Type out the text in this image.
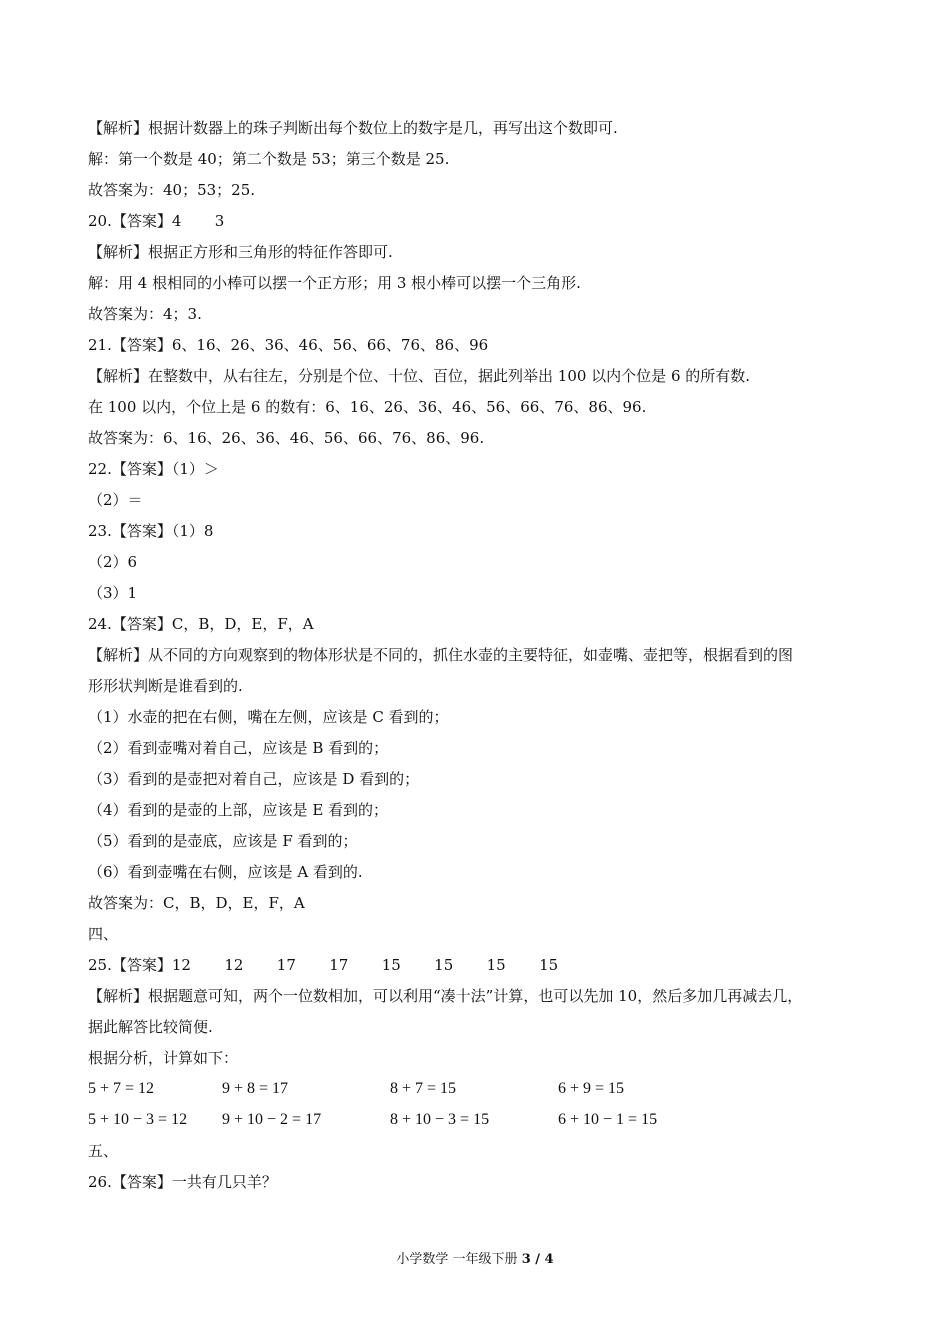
【解析】根据计数器上的珠子判断出每个数位上的数字是几，再写出这个数即可.
解：第一个数是 40；第二个数是 53；第三个数是 25.
故答案为：40；53；25.
20.【答案】4       3
【解析】根据正方形和三角形的特征作答即可.
解：用 4 根相同的小棒可以摆一个正方形；用 3 根小棒可以摆一个三角形.
故答案为：4；3.
21.【答案】6、16、26、36、46、56、66、76、86、96
【解析】在整数中，从右往左，分别是个位、十位、百位，据此列举出 100 以内个位是 6 的所有数.
在 100 以内，个位上是 6 的数有：6、16、26、36、46、56、66、76、86、96.
故答案为：6、16、26、36、46、56、66、76、86、96.
22.【答案】（1）＞
（2）＝
23.【答案】（1）8
（2）6
（3）1
24.【答案】C，B，D，E，F，A
【解析】从不同的方向观察到的物体形状是不同的，抓住水壶的主要特征，如壶嘴、壶把等，根据看到的图
形形状判断是谁看到的.
（1）水壶的把在右侧，嘴在左侧，应该是 C 看到的；
（2）看到壶嘴对着自己，应该是 B 看到的；
（3）看到的是壶把对着自己，应该是 D 看到的；
（4）看到的是壶的上部，应该是 E 看到的；
（5）看到的是壶底，应该是 F 看到的；
（6）看到壶嘴在右侧，应该是 A 看到的.
故答案为：C，B，D，E，F，A
四、
25.【答案】12       12       17       17       15       15       15       15
【解析】根据题意可知，两个一位数相加，可以利用“凑十法”计算，也可以先加 10，然后多加几再减去几，
据此解答比较简便.
根据分析，计算如下：
5 + 7 = 12	9 + 8 = 17	8 + 7 = 15	6 + 9 = 15
5 + 10 − 3 = 12 9 + 10 − 2 = 17	8 + 10 − 3 = 15	6 + 10 − 1 = 15
五、
26.【答案】一共有几只羊？
小学数学 一年级下册 3 / 4
